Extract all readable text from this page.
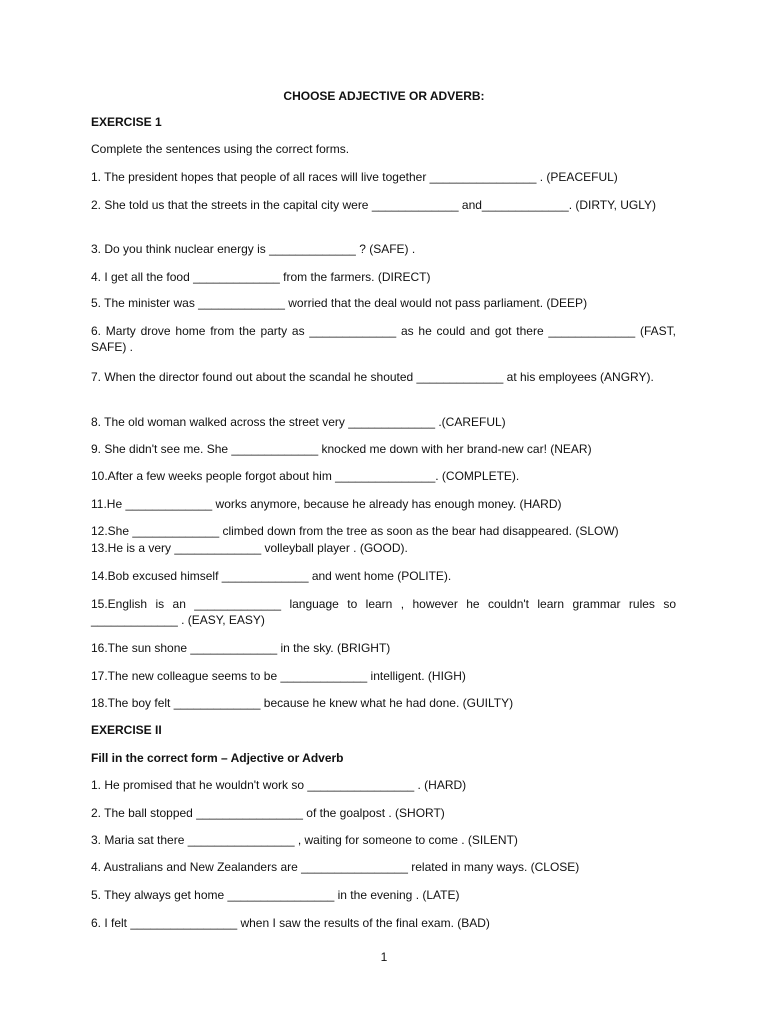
CHOOSE ADJECTIVE OR ADVERB:
EXERCISE 1
Complete the sentences using the correct forms.
1. The president hopes that people of all races will live together ________________ . (PEACEFUL)
2. She told us that the streets in the capital city were _____________ and_____________. (DIRTY, UGLY)
3. Do you think nuclear energy is _____________ ? (SAFE) .
4. I get all the food _____________ from the farmers. (DIRECT)
5. The minister was _____________ worried that the deal would not pass parliament. (DEEP)
6. Marty drove home from the party as _____________ as he could and got there _____________ (FAST, SAFE) .
7. When the director found out about the scandal he shouted _____________ at his employees (ANGRY).
8. The old woman walked across the street very _____________ .(CAREFUL)
9. She didn't see me. She _____________ knocked me down with her brand-new car! (NEAR)
10.After a few weeks people forgot about him _______________. (COMPLETE).
11.He _____________ works anymore, because he already has enough money. (HARD)
12.She _____________ climbed down from the tree as soon as the bear had disappeared. (SLOW)
13.He is a very _____________ volleyball player . (GOOD).
14.Bob excused himself _____________ and went home (POLITE).
15.English is an _____________ language to learn , however he couldn't learn grammar rules so _____________ . (EASY, EASY)
16.The sun shone _____________ in the sky. (BRIGHT)
17.The new colleague seems to be _____________ intelligent. (HIGH)
18.The boy felt _____________ because he knew what he had done. (GUILTY)
EXERCISE II
Fill in the correct form – Adjective or Adverb
1. He promised that he wouldn't work so ________________ . (HARD)
2. The ball stopped ________________ of the goalpost . (SHORT)
3. Maria sat there ________________ , waiting for someone to come . (SILENT)
4. Australians and New Zealanders are ________________ related in many ways. (CLOSE)
5. They always get home ________________ in the evening . (LATE)
6. I felt ________________ when I saw the results of the final exam. (BAD)
1
